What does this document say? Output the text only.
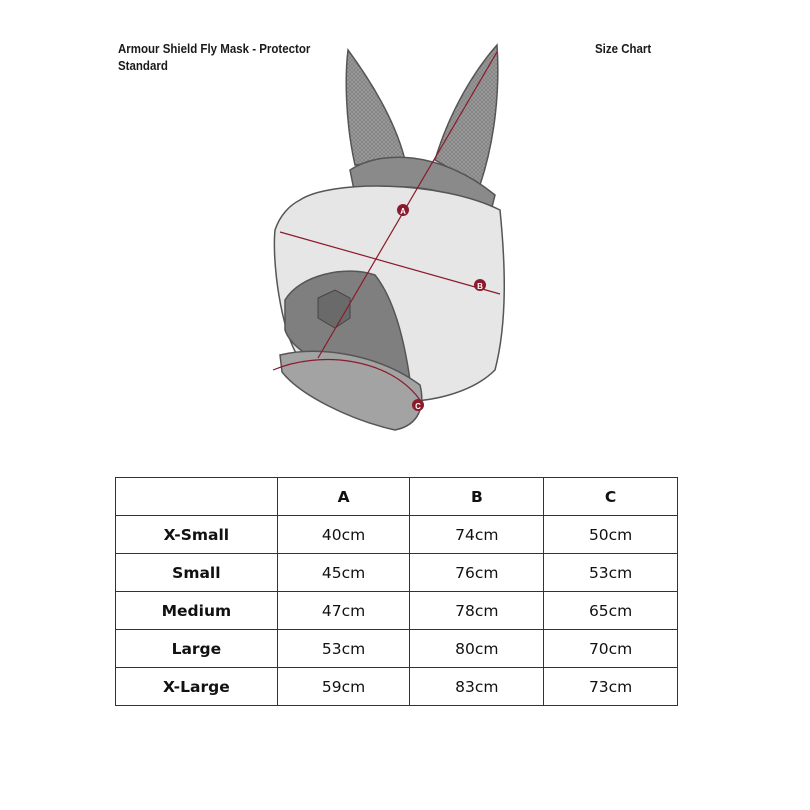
Armour Shield Fly Mask - Protector
Standard
Size Chart
A
B
C
	A	B	C
X-Small	40cm	74cm	50cm
Small	45cm	76cm	53cm
Medium	47cm	78cm	65cm
Large	53cm	80cm	70cm
X-Large	59cm	83cm	73cm
